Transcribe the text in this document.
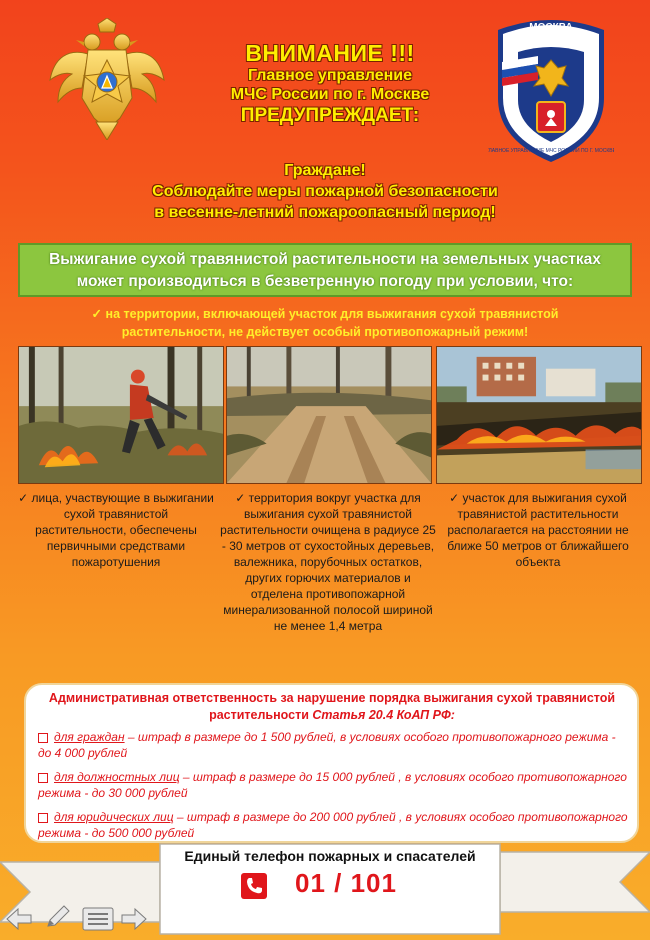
ВНИМАНИЕ !!!
Главное управление
МЧС России по г. Москве
ПРЕДУПРЕЖДАЕТ:
МОСКВА
ГЛАВНОЕ УПРАВЛЕНИЕ МЧС РОССИИ ПО Г. МОСКВЕ
Граждане!
Соблюдайте меры пожарной безопасности
в весенне-летний пожароопасный период!
Выжигание сухой травянистой растительности на земельных участках
может производиться в безветренную погоду при условии, что:
✓ на территории, включающей участок для выжигания сухой травянистой
растительности, не действует особый противопожарный режим!
✓ лица, участвующие в выжигании сухой травянистой растительности, обеспечены первичными средствами пожаротушения
✓ территория вокруг участка для выжигания сухой травянистой растительности очищена в радиусе 25 - 30 метров от сухостойных деревьев, валежника, порубочных остатков, других горючих материалов и отделена противопожарной минерализованной полосой шириной не менее 1,4 метра
✓ участок для выжигания сухой травянистой растительности располагается на расстоянии не ближе 50 метров от ближайшего объекта
Административная ответственность за нарушение порядка выжигания сухой травянистой
растительности Статья 20.4 КоАП РФ:
для граждан – штраф в размере до 1 500 рублей, в условиях особого противопожарного режима - до 4 000 рублей
для должностных лиц – штраф в размере до 15 000 рублей , в условиях особого противопожарного режима - до 30 000 рублей
для юридических лиц – штраф в размере до 200 000 рублей , в условиях особого противопожарного режима - до 500 000 рублей
Единый телефон пожарных и спасателей
01 / 101
